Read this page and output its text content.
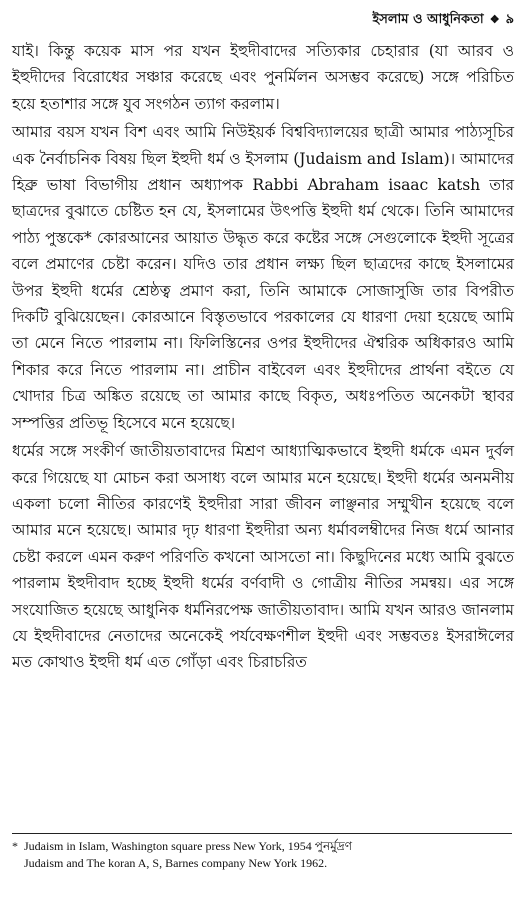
ইসলাম ও আধুনিকতা ❖ ৯

যাই। কিন্তু কয়েক মাস পর যখন ইহুদীবাদের সত্যিকার চেহারার (যা আরব ও ইহুদীদের বিরোধের সঞ্চার করেছে এবং পুনর্মিলন অসম্ভব করেছে) সঙ্গে পরিচিত হয়ে হতাশার সঙ্গে যুব সংগঠন ত্যাগ করলাম।

আমার বয়স যখন বিশ এবং আমি নিউইয়র্ক বিশ্ববিদ্যালয়ের ছাত্রী আমার পাঠ্যসূচির এক নৈর্বাচনিক বিষয় ছিল ইহুদী ধর্ম ও ইসলাম (Judaism and Islam)। আমাদের হিব্রু ভাষা বিভাগীয় প্রধান অধ্যাপক Rabbi Abraham isaac katsh তার ছাত্রদের বুঝাতে চেষ্টিত হন যে, ইসলামের উৎপত্তি ইহুদী ধর্ম থেকে। তিনি আমাদের পাঠ্য পুস্তকে* কোরআনের আয়াত উদ্ধৃত করে কষ্টের সঙ্গে সেগুলোকে ইহুদী সূত্রের বলে প্রমাণের চেষ্টা করেন। যদিও তার প্রধান লক্ষ্য ছিল ছাত্রদের কাছে ইসলামের উপর ইহুদী ধর্মের শ্রেষ্ঠত্ব প্রমাণ করা, তিনি আমাকে সোজাসুজি তার বিপরীত দিকটি বুঝিয়েছেন। কোরআনে বিস্তৃতভাবে পরকালের যে ধারণা দেয়া হয়েছে আমি তা মেনে নিতে পারলাম না। ফিলিস্তিনের ওপর ইহুদীদের ঐশ্বরিক অধিকারও আমি শিকার করে নিতে পারলাম না। প্রাচীন বাইবেল এবং ইহুদীদের প্রার্থনা বইতে যে খোদার চিত্র অঙ্কিত রয়েছে তা আমার কাছে বিকৃত, অধঃপতিত অনেকটা স্থাবর সম্পত্তির প্রতিভূ হিসেবে মনে হয়েছে।

ধর্মের সঙ্গে সংকীর্ণ জাতীয়তাবাদের মিশ্রণ আধ্যাত্মিকভাবে ইহুদী ধর্মকে এমন দুর্বল করে গিয়েছে যা মোচন করা অসাধ্য বলে আমার মনে হয়েছে। ইহুদী ধর্মের অনমনীয় একলা চলো নীতির কারণেই ইহুদীরা সারা জীবন লাঞ্ছনার সম্মুখীন হয়েছে বলে আমার মনে হয়েছে। আমার দৃঢ় ধারণা ইহুদীরা অন্য ধর্মাবলম্বীদের নিজ ধর্মে আনার চেষ্টা করলে এমন করুণ পরিণতি কখনো আসতো না। কিছুদিনের মধ্যে আমি বুঝতে পারলাম ইহুদীবাদ হচ্ছে ইহুদী ধর্মের বর্ণবাদী ও গোত্রীয় নীতির সমন্বয়। এর সঙ্গে সংযোজিত হয়েছে আধুনিক ধর্মনিরপেক্ষ জাতীয়তাবাদ। আমি যখন আরও জানলাম যে ইহুদীবাদের নেতাদের অনেকেই পর্যবেক্ষণশীল ইহুদী এবং সম্ভবতঃ ইসরাঈলের মত কোথাও ইহুদী ধর্ম এত গোঁড়া এবং চিরাচরিত

* Judaism in Islam, Washington square press New York, 1954 পুনর্মুদ্রণ
Judaism and The koran A, S, Barnes company New York 1962.
